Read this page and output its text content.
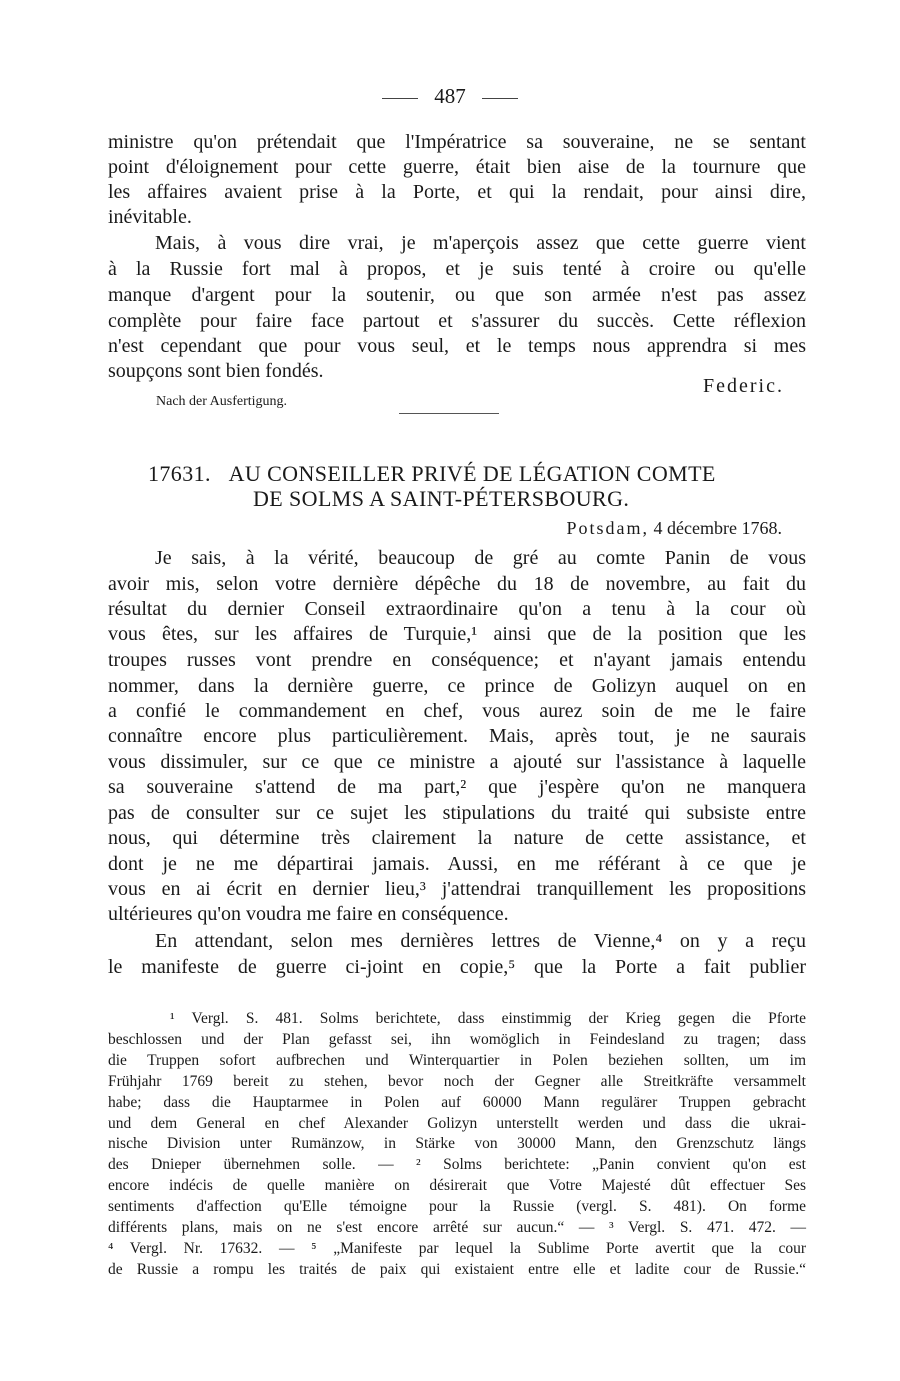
487
ministre qu'on prétendait que l'Impératrice sa souveraine, ne se sentant
point d'éloignement pour cette guerre, était bien aise de la tournure que
les affaires avaient prise à la Porte, et qui la rendait, pour ainsi dire,
inévitable.
Mais, à vous dire vrai, je m'aperçois assez que cette guerre vient
à la Russie fort mal à propos, et je suis tenté à croire ou qu'elle
manque d'argent pour la soutenir, ou que son armée n'est pas assez
complète pour faire face partout et s'assurer du succès. Cette réflexion
n'est cependant que pour vous seul, et le temps nous apprendra si mes
soupçons sont bien fondés.
Federic.
Nach der Ausfertigung.
17631. AU CONSEILLER PRIVÉ DE LÉGATION COMTE
DE SOLMS A SAINT-PÉTERSBOURG.
Potsdam, 4 décembre 1768.
Je sais, à la vérité, beaucoup de gré au comte Panin de vous
avoir mis, selon votre dernière dépêche du 18 de novembre, au fait du
résultat du dernier Conseil extraordinaire qu'on a tenu à la cour où
vous êtes, sur les affaires de Turquie,¹ ainsi que de la position que les
troupes russes vont prendre en conséquence; et n'ayant jamais entendu
nommer, dans la dernière guerre, ce prince de Golizyn auquel on en
a confié le commandement en chef, vous aurez soin de me le faire
connaître encore plus particulièrement. Mais, après tout, je ne saurais
vous dissimuler, sur ce que ce ministre a ajouté sur l'assistance à laquelle
sa souveraine s'attend de ma part,² que j'espère qu'on ne manquera
pas de consulter sur ce sujet les stipulations du traité qui subsiste entre
nous, qui détermine très clairement la nature de cette assistance, et
dont je ne me départirai jamais. Aussi, en me référant à ce que je
vous en ai écrit en dernier lieu,³ j'attendrai tranquillement les propositions
ultérieures qu'on voudra me faire en conséquence.
En attendant, selon mes dernières lettres de Vienne,⁴ on y a reçu
le manifeste de guerre ci-joint en copie,⁵ que la Porte a fait publier
¹ Vergl. S. 481. Solms berichtete, dass einstimmig der Krieg gegen die Pforte
beschlossen und der Plan gefasst sei, ihn womöglich in Feindesland zu tragen; dass
die Truppen sofort aufbrechen und Winterquartier in Polen beziehen sollten, um im
Frühjahr 1769 bereit zu stehen, bevor noch der Gegner alle Streitkräfte versammelt
habe; dass die Hauptarmee in Polen auf 60000 Mann regulärer Truppen gebracht
und dem General en chef Alexander Golizyn unterstellt werden und dass die ukrai-
nische Division unter Rumänzow, in Stärke von 30000 Mann, den Grenzschutz längs
des Dnieper übernehmen solle. — ² Solms berichtete: „Panin convient qu'on est
encore indécis de quelle manière on désirerait que Votre Majesté dût effectuer Ses
sentiments d'affection qu'Elle témoigne pour la Russie (vergl. S. 481). On forme
différents plans, mais on ne s'est encore arrêté sur aucun.“ — ³ Vergl. S. 471. 472. —
⁴ Vergl. Nr. 17632. — ⁵ „Manifeste par lequel la Sublime Porte avertit que la cour
de Russie a rompu les traités de paix qui existaient entre elle et ladite cour de Russie.“
